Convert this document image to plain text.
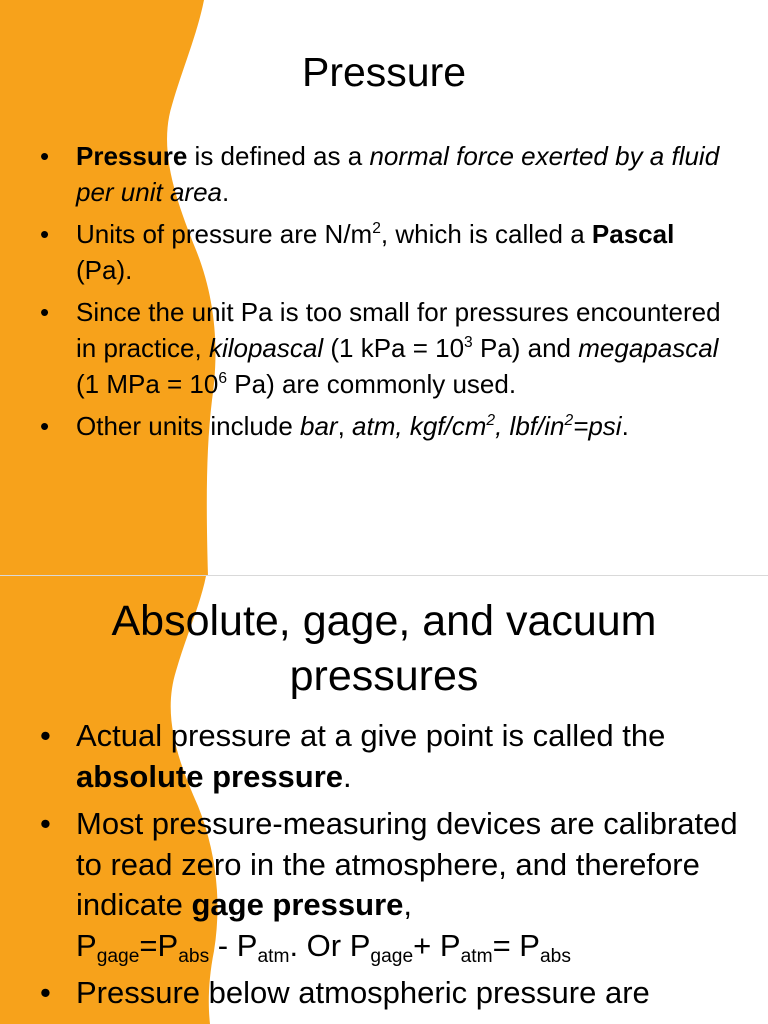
Pressure
• Pressure is defined as a normal force exerted by a fluid per unit area.
• Units of pressure are $N/m^2$, which is called a Pascal (Pa).
• Since the unit Pa is too small for pressures encountered in practice, kilopascal (1 kPa = $10^3$ Pa) and megapascal (1 MPa = $10^6$ Pa) are commonly used.
• Other units include bar, atm, kgf/$cm^2$, lbf/$in^2=psi$.
Absolute, gage, and vacuum
pressures
• Actual pressure at a give point is called the absolute pressure.
• Most pressure-measuring devices are calibrated to read zero in the atmosphere, and therefore indicate gage pressure,
$P_{gage}=P_{abs} - P_{atm}$. Or $P_{gage}+ P_{atm}= P_{abs}$
• Pressure below atmospheric pressure are
